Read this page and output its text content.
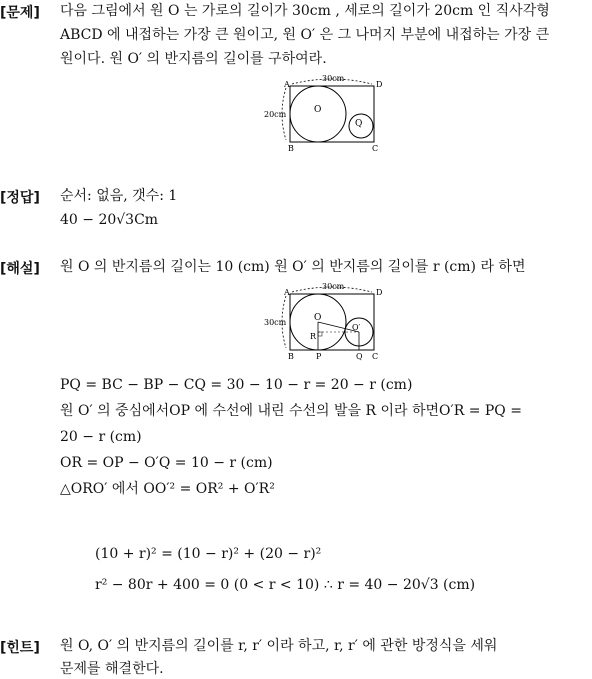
[문제] 다음 그림에서 원 O 는 가로의 길이가 30cm , 세로의 길이가 20cm 인 직사각형
ABCD 에 내접하는 가장 큰 원이고, 원 O′ 은 그 나머지 부분에 내접하는 가장 큰
원이다. 원 O′ 의 반지름의 길이를 구하여라.
A	D
B	C
O
Q
30cm
20cm
[정답] 순서: 없음, 갯수: 1
40 − 20√3Cm
[해설] 원 O 의 반지름의 길이는 10 (cm) 원 O′ 의 반지름의 길이를 r (cm) 라 하면
A	D
B	C
P	Q
R
O
O′
30cm
30cm
PQ = BC − BP − CQ = 30 − 10 − r = 20 − r (cm)
원 O′ 의 중심에서OP 에 수선에 내린 수선의 발을 R 이라 하면O′R = PQ =
20 − r (cm)
OR = OP − O′Q = 10 − r (cm)
△ORO′ 에서 OO′² = OR² + O′R²
(10 + r)² = (10 − r)² + (20 − r)²
r² − 80r + 400 = 0 (0 < r < 10) ∴ r = 40 − 20√3 (cm)
[힌트] 원 O, O′ 의 반지름의 길이를 r, r′ 이라 하고, r, r′ 에 관한 방정식을 세워
문제를 해결한다.
